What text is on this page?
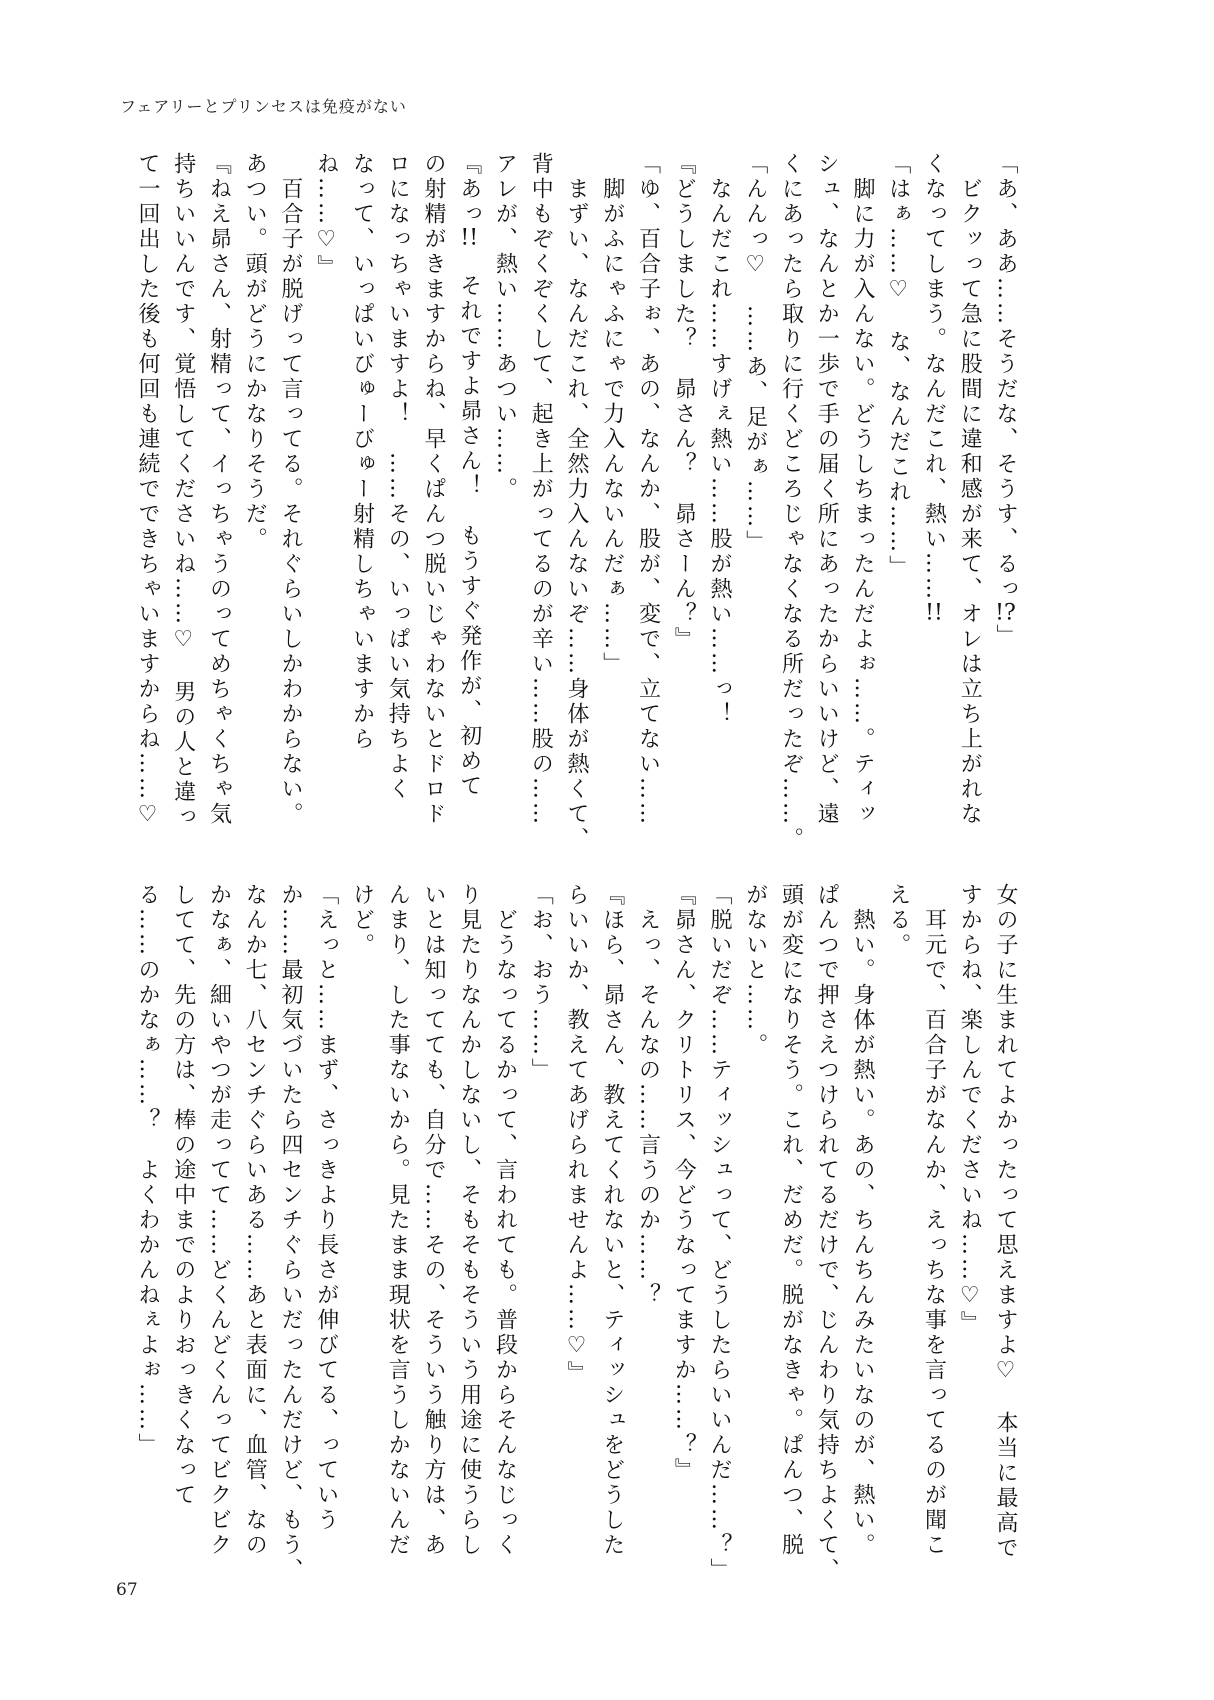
フェアリーとプリンセスは免疫がない
「あ、ああ……そうだな、そうす、るっ!?」
　ビクッって急に股間に違和感が来て、オレは立ち上がれな
くなってしまう。なんだこれ、熱い……!!
「はぁ……♡　な、なんだこれ……」
　脚に力が入んない。どうしちまったんだよぉ……。ティッ
シュ、なんとか一歩で手の届く所にあったからいいけど、遠
くにあったら取りに行くどころじゃなくなる所だったぞ……。
「んんっ♡　……あ、足がぁ……」
　なんだこれ……すげぇ熱い……股が熱い……っ！
『どうしました？　昴さん？　昴さーん？』
「ゆ、百合子ぉ、あの、なんか、股が、変で、立てない……
　脚がふにゃふにゃで力入んないんだぁ……」
　まずい、なんだこれ、全然力入んないぞ……身体が熱くて、
背中もぞくぞくして、起き上がってるのが辛い……股の……
アレが、熱い……あつい……。
『あっ!!　それですよ昴さん！　もうすぐ発作が、初めて
の射精がきますからね、早くぱんつ脱いじゃわないとドロド
ロになっちゃいますよ！　……その、いっぱい気持ちよく
なって、いっぱいびゅーびゅー射精しちゃいますから
ね……♡』
　百合子が脱げって言ってる。それぐらいしかわからない。
あつい。頭がどうにかなりそうだ。
『ねえ昴さん、射精って、イっちゃうのってめちゃくちゃ気
持ちいいんです、覚悟してくださいね……♡　男の人と違っ
て一回出した後も何回も連続でできちゃいますからね……♡
女の子に生まれてよかったって思えますよ♡　本当に最高で
すからね、楽しんでくださいね……♡』
　耳元で、百合子がなんか、えっちな事を言ってるのが聞こ
える。
　熱い。身体が熱い。あの、ちんちんみたいなのが、熱い。
ぱんつで押さえつけられてるだけで、じんわり気持ちよくて、
頭が変になりそう。これ、だめだ。脱がなきゃ。ぱんつ、脱
がないと……。
「脱いだぞ……ティッシュって、どうしたらいいんだ……？」
『昴さん、クリトリス、今どうなってますか……？』
　えっ、そんなの……言うのか……？
『ほら、昴さん、教えてくれないと、ティッシュをどうした
らいいか、教えてあげられませんよ……♡』
「お、おう……」
　どうなってるかって、言われても。普段からそんなじっく
り見たりなんかしないし、そもそもそういう用途に使うらし
いとは知ってても、自分で……その、そういう触り方は、あ
んまり、した事ないから。見たまま現状を言うしかないんだ
けど。
「えっと……まず、さっきより長さが伸びてる、っていう
か……最初気づいたら四センチぐらいだったんだけど、もう、
なんか七、八センチぐらいある……あと表面に、血管、なの
かなぁ、細いやつが走ってて……どくんどくんってビクビク
してて、先の方は、棒の途中までのよりおっきくなって
る……のかなぁ……？　よくわかんねぇよぉ……」
67
